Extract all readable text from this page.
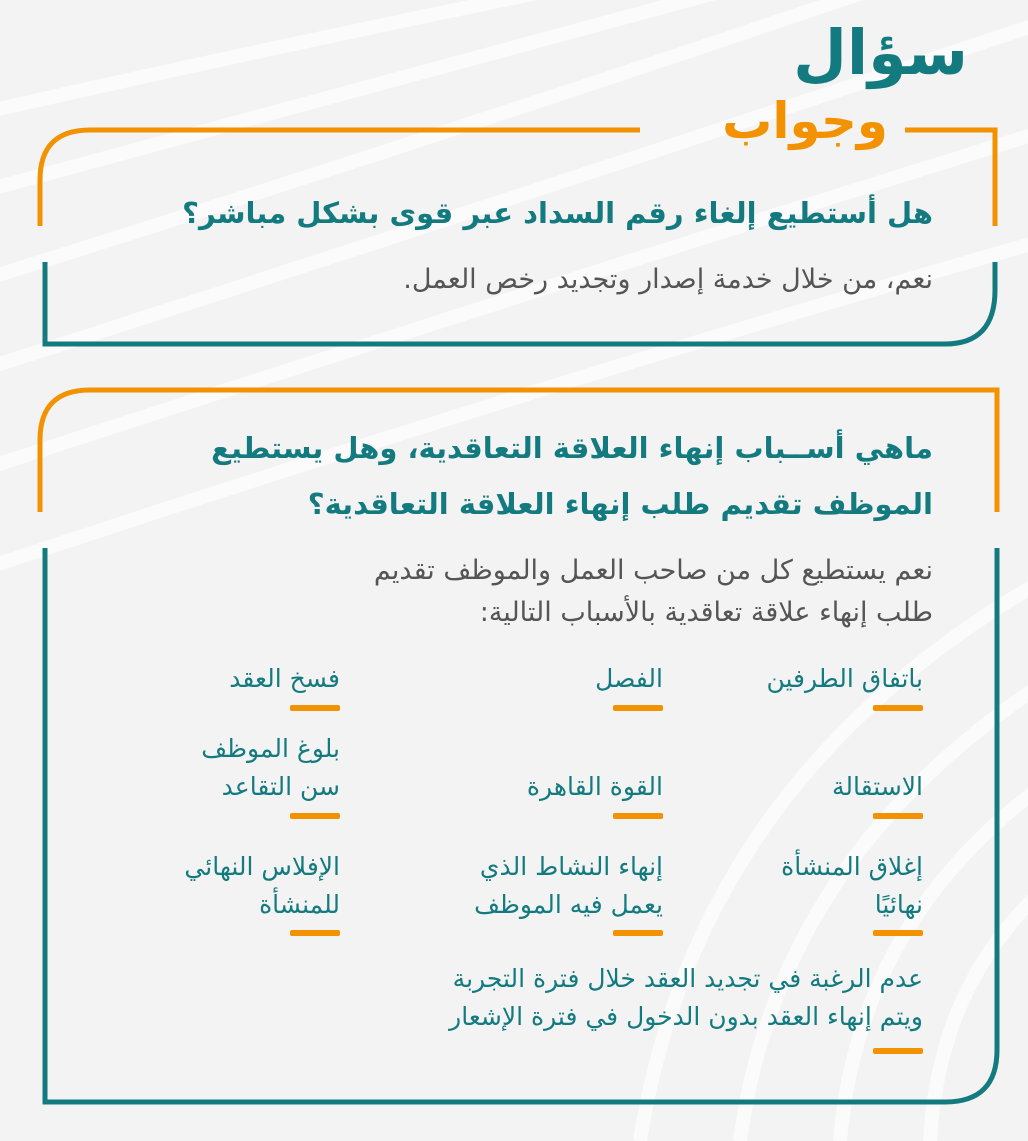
سؤال
وجواب
هل أستطيع إلغاء رقم السداد عبر قوى بشكل مباشر؟
نعم، من خلال خدمة إصدار وتجديد رخص العمل.
ماهي أســباب إنهاء العلاقة التعاقدية، وهل يستطيع
الموظف تقديم طلب إنهاء العلاقة التعاقدية؟
نعم يستطيع كل من صاحب العمل والموظف تقديم
طلب إنهاء علاقة تعاقدية بالأسباب التالية:
باتفاق الطرفين
الفصل
فسخ العقد
الاستقالة
القوة القاهرة
بلوغ الموظف
سن التقاعد
إغلاق المنشأة
نهائيًا
إنهاء النشاط الذي
يعمل فيه الموظف
الإفلاس النهائي
للمنشأة
عدم الرغبة في تجديد العقد خلال فترة التجربة
ويتم إنهاء العقد بدون الدخول في فترة الإشعار
